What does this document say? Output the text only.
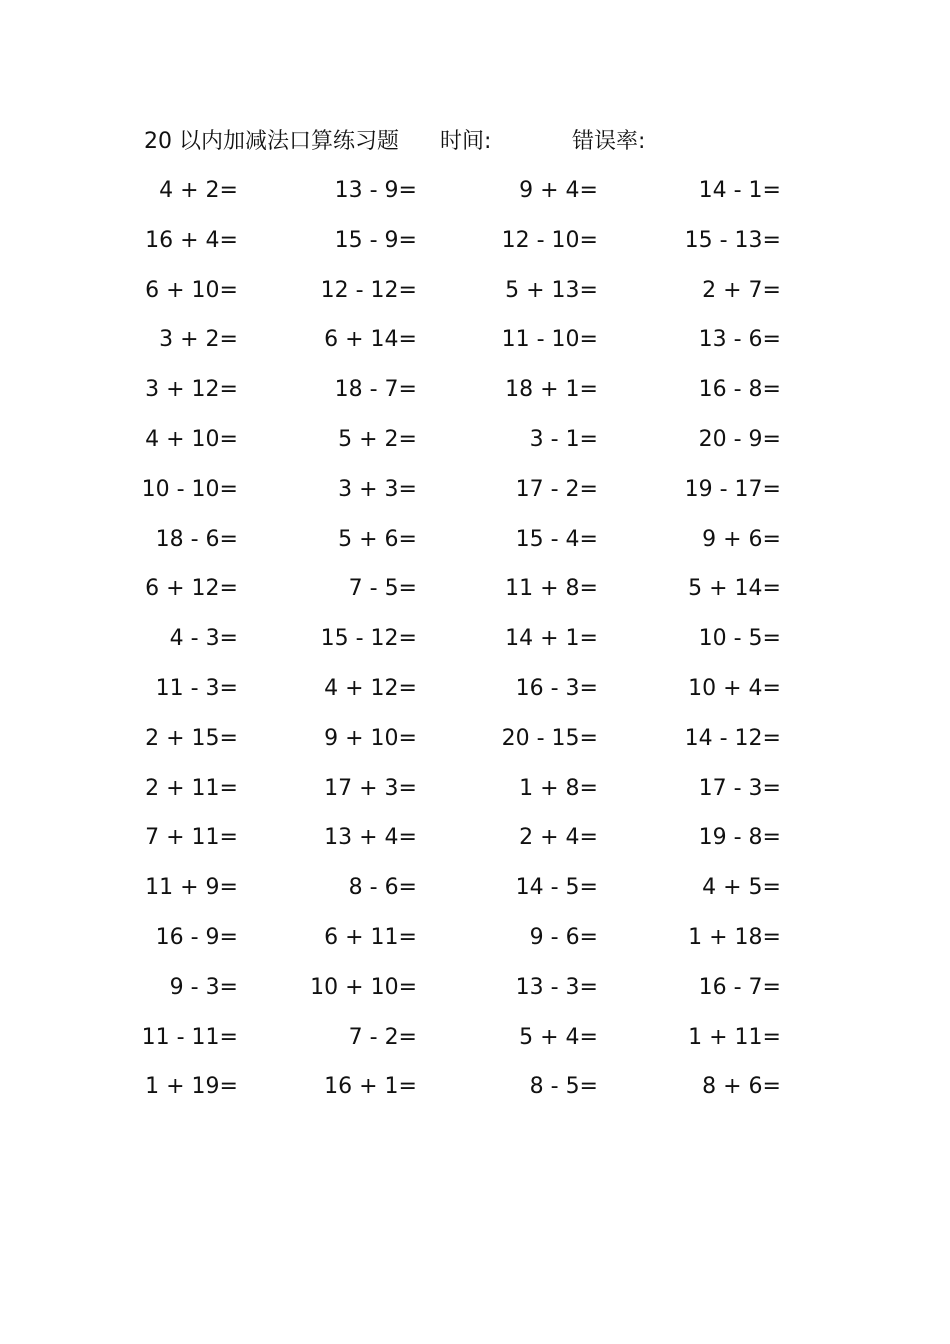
20 以内加减法口算练习题 时间:	错误率:
4 + 2=	13 - 9=	9 + 4=	14 - 1=
16 + 4=	15 - 9=	12 - 10=	15 - 13=
6 + 10=	12 - 12=	5 + 13=	2 + 7=
3 + 2=	6 + 14=	11 - 10=	13 - 6=
3 + 12=	18 - 7=	18 + 1=	16 - 8=
4 + 10=	5 + 2=	3 - 1=	20 - 9=
10 - 10=	3 + 3=	17 - 2=	19 - 17=
18 - 6=	5 + 6=	15 - 4=	9 + 6=
6 + 12=	7 - 5=	11 + 8=	5 + 14=
4 - 3=	15 - 12=	14 + 1=	10 - 5=
11 - 3=	4 + 12=	16 - 3=	10 + 4=
2 + 15=	9 + 10=	20 - 15=	14 - 12=
2 + 11=	17 + 3=	1 + 8=	17 - 3=
7 + 11=	13 + 4=	2 + 4=	19 - 8=
11 + 9=	8 - 6=	14 - 5=	4 + 5=
16 - 9=	6 + 11=	9 - 6=	1 + 18=
9 - 3=	10 + 10=	13 - 3=	16 - 7=
11 - 11=	7 - 2=	5 + 4=	1 + 11=
1 + 19=	16 + 1=	8 - 5=	8 + 6=
